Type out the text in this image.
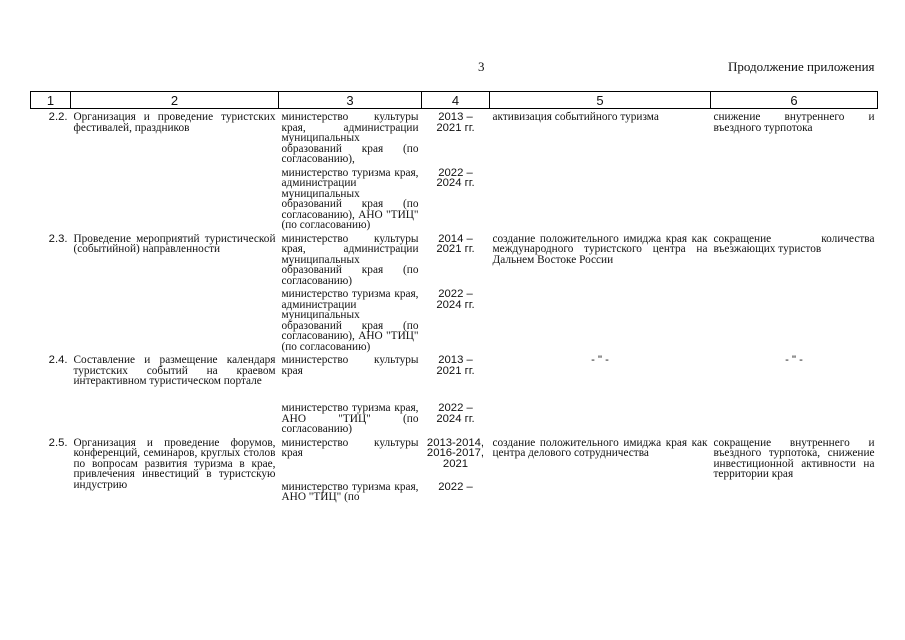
3	Продолжение приложения
1	2	3	4	5	6
2.2.	Организация и проведение туристских фестивалей, праздников	министерство культуры края, администрации муниципальных образований края (по согласованию),	2013 – 2021 гг.	активизация событийного туризма	снижение внутреннего и въездного турпотока
		министерство туризма края, администрации муниципальных образований края (по согласованию), АНО "ТИЦ" (по согласованию)	2022 – 2024 гг.		
2.3.	Проведение мероприятий туристической (событийной) направленности	министерство культуры края, администрации муниципальных образований края (по согласованию)	2014 – 2021 гг.	создание положительного имиджа края как международного туристского центра на Дальнем Востоке России	сокращение количества въезжающих туристов
		министерство туризма края, администрации муниципальных образований края (по согласованию), АНО "ТИЦ" (по согласованию)	2022 – 2024 гг.		
2.4.	Составление и размещение календаря туристских событий на краевом интерактивном туристическом портале	министерство культуры края	2013 – 2021 гг.	- " -	- " -
		министерство туризма края, АНО "ТИЦ" (по согласованию)	2022 – 2024 гг.		
2.5.	Организация и проведение форумов, конференций, семинаров, круглых столов по вопросам развития туризма в крае, привлечения инвестиций в туристскую индустрию	министерство культуры края	2013-2014, 2016-2017, 2021	создание положительного имиджа края как центра делового сотрудничества	сокращение внутреннего и въездного турпотока, снижение инвестиционной активности на территории края
		министерство туризма края, АНО "ТИЦ" (по	2022 –		
